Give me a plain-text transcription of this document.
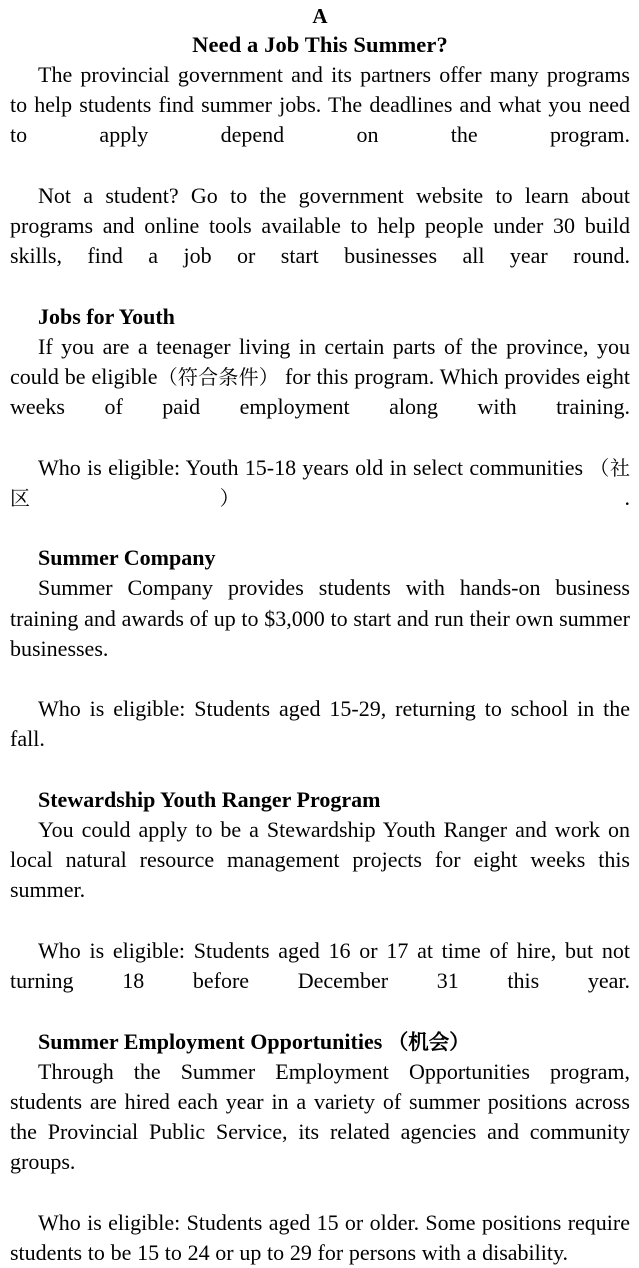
A
Need a Job This Summer?

The provincial government and its partners offer many programs to help students find summer jobs. The deadlines and what you need to apply depend on the program.

Not a student? Go to the government website to learn about programs and online tools available to help people under 30 build skills, find a job or start businesses all year round.

Jobs for Youth

If you are a teenager living in certain parts of the province, you could be eligible（符合条件） for this program. Which provides eight weeks of paid employment along with training.

Who is eligible: Youth 15-18 years old in select communities （社区）	.

Summer Company

Summer Company provides students with hands-on business training and awards of up to $3,000 to start and run their own summer businesses.

Who is eligible: Students aged 15-29, returning to school in the fall.

Stewardship Youth Ranger Program

You could apply to be a Stewardship Youth Ranger and work on local natural resource management projects for eight weeks this summer.

Who is eligible: Students aged 16 or 17 at time of hire, but not turning 18 before December 31 this year.

Summer Employment Opportunities （机会）

Through the Summer Employment Opportunities program, students are hired each year in a variety of summer positions across the Provincial Public Service, its related agencies and community groups.

Who is eligible: Students aged 15 or older. Some positions require students to be 15 to 24 or up to 29 for persons with a disability.
